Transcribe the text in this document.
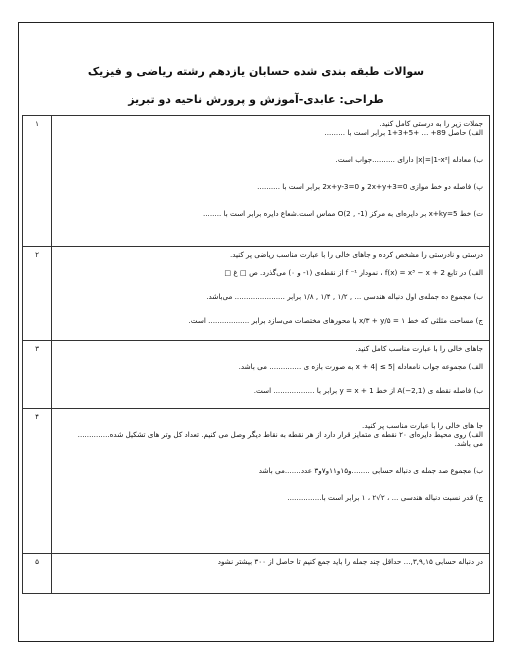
سوالات طبقه بندی شده حسابان یازدهم رشته ریاضی و فیزیک
طراحی: عابدی-آموزش و پرورش ناحیه دو تبریز
جملات زیر را به درستی کامل کنید.
الف) حاصل 89+ ... +5+3+1 برابر است با .........
ب) معادله |x|=|1-x²| دارای ..........جواب است.
پ) فاصله دو خط موازی 2x+y+3=0 و 2x+y-3=0 برابر است با ..........
ت) خط x+ky=5 بر دایره‌ای به مرکز (O(2 , -1 مماس است.شعاع دایره برابر است با ........	۱

درستی و نادرستی را مشخص کرده و جاهای خالی را با عبارت مناسب ریاضی پر کنید.
الف) در تابع f(x) = x³ − x + 2 ، نمودار f ⁻¹ از نقطه‌ی (۱- و ۰) می‌گذرد. ص □ غ □
ب) مجموع ده جمله‌ی اول دنباله هندسی ... , ۱/۲ , ۱/۴ , ۱/۸ برابر ...................... می‌باشد.
ج) مساحت مثلثی که خط x/۳ + y/۵ = ۱ با محورهای مختصات می‌سازد برابر .................. است.	۲

جاهای خالی را با عبارت مناسب کامل کنید.
الف) مجموعه جواب نامعادله |x + 4| ≤ 5 به صورت بازه ی .............. می باشد.
ب) فاصله نقطه ی A(−2,1) از خط y = x + 1 برابر با .................. است.	۳

جا های خالی را با عبارت مناسب پر کنید.
الف) روی محیط دایره‌ای ۲۰ نقطه ی متمایز قرار دارد از هر نقطه به نقاط دیگر وصل می کنیم. تعداد کل وتر های تشکیل شده..............
می باشد.
ب) مجموع صد جمله ی دنباله حسابی ........و۱۵و۱۱و۷و۳ عدد.......می باشد
ج) قدر نسبت دنباله هندسی ... ، ۲√۲ ، ۱ برابر است با...............	۴

در دنباله حسابی ۳,۹,۱۵,... حداقل چند جمله را باید جمع کنیم تا حاصل از ۳۰۰ بیشتر نشود	۵
